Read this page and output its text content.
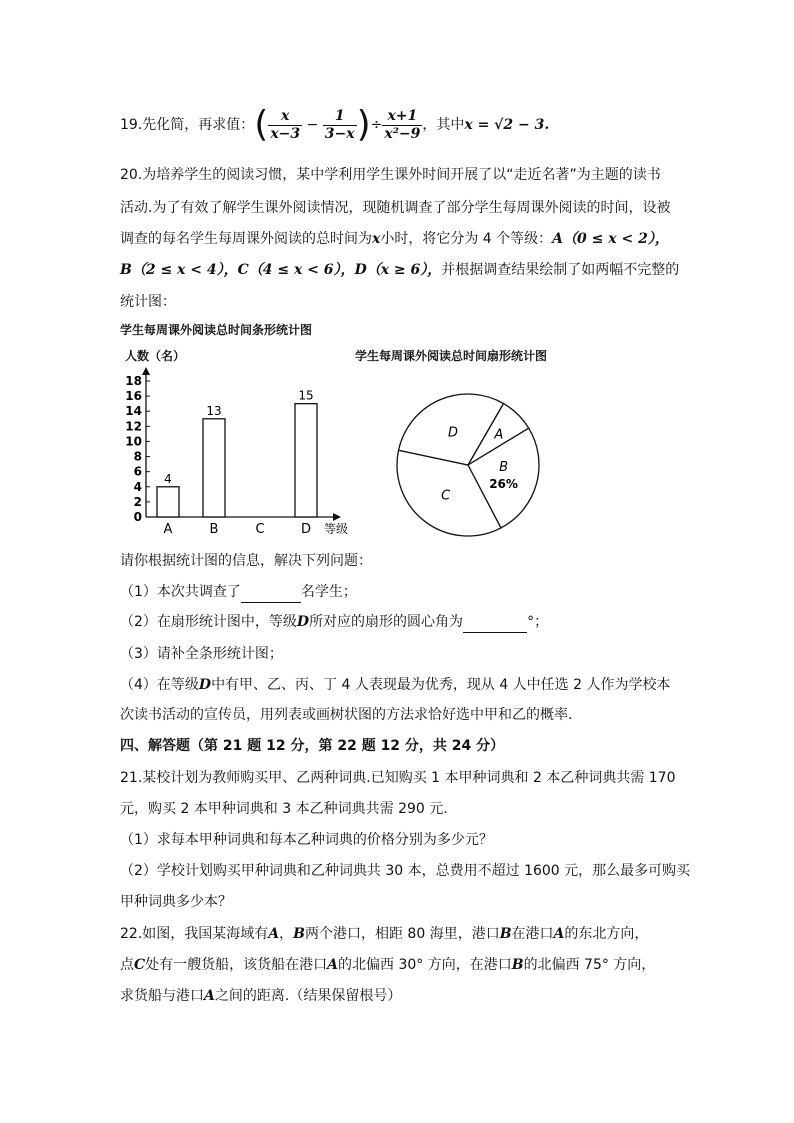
19.先化简，再求值：( $\frac{x}{x-3} - \frac{1}{3-x}$ )÷ $\frac{x+1}{\text{x²−9}}$ ，其中x = √2 − 3.
20.为培养学生的阅读习惯，某中学利用学生课外时间开展了以“走近名著”为主题的读书
活动.为了有效了解学生课外阅读情况，现随机调查了部分学生每周课外阅读的时间，设被
调查的每名学生每周课外阅读的总时间为x小时，将它分为 4 个等级：A（0 ≤ x < 2），
B（2 ≤ x < 4），C（4 ≤ x < 6），D（x ≥ 6），并根据调查结果绘制了如两幅不完整的
统计图：
学生每周课外阅读总时间条形统计图
人数（名）
0
2
4
6
8
10
12
14
16
18
4
A
13
B	C
15
D 等级
学生每周课外阅读总时间扇形统计图
A
B
26%
C
D
请你根据统计图的信息，解决下列问题：
（1）本次共调查了	名学生；
（2）在扇形统计图中，等级D所对应的扇形的圆心角为	°；
（3）请补全条形统计图；
（4）在等级D中有甲、乙、丙、丁 4 人表现最为优秀，现从 4 人中任选 2 人作为学校本
次读书活动的宣传员，用列表或画树状图的方法求恰好选中甲和乙的概率.
四、解答题（第 21 题 12 分，第 22 题 12 分，共 24 分）
21.某校计划为教师购买甲、乙两种词典.已知购买 1 本甲种词典和 2 本乙种词典共需 170
元，购买 2 本甲种词典和 3 本乙种词典共需 290 元.
（1）求每本甲种词典和每本乙种词典的价格分别为多少元？
（2）学校计划购买甲种词典和乙种词典共 30 本，总费用不超过 1600 元，那么最多可购买
甲种词典多少本？
22.如图，我国某海域有A，B两个港口，相距 80 海里，港口B在港口A的东北方向，
点C处有一艘货船，该货船在港口A的北偏西 30° 方向，在港口B的北偏西 75° 方向，
求货船与港口A之间的距离.（结果保留根号）
